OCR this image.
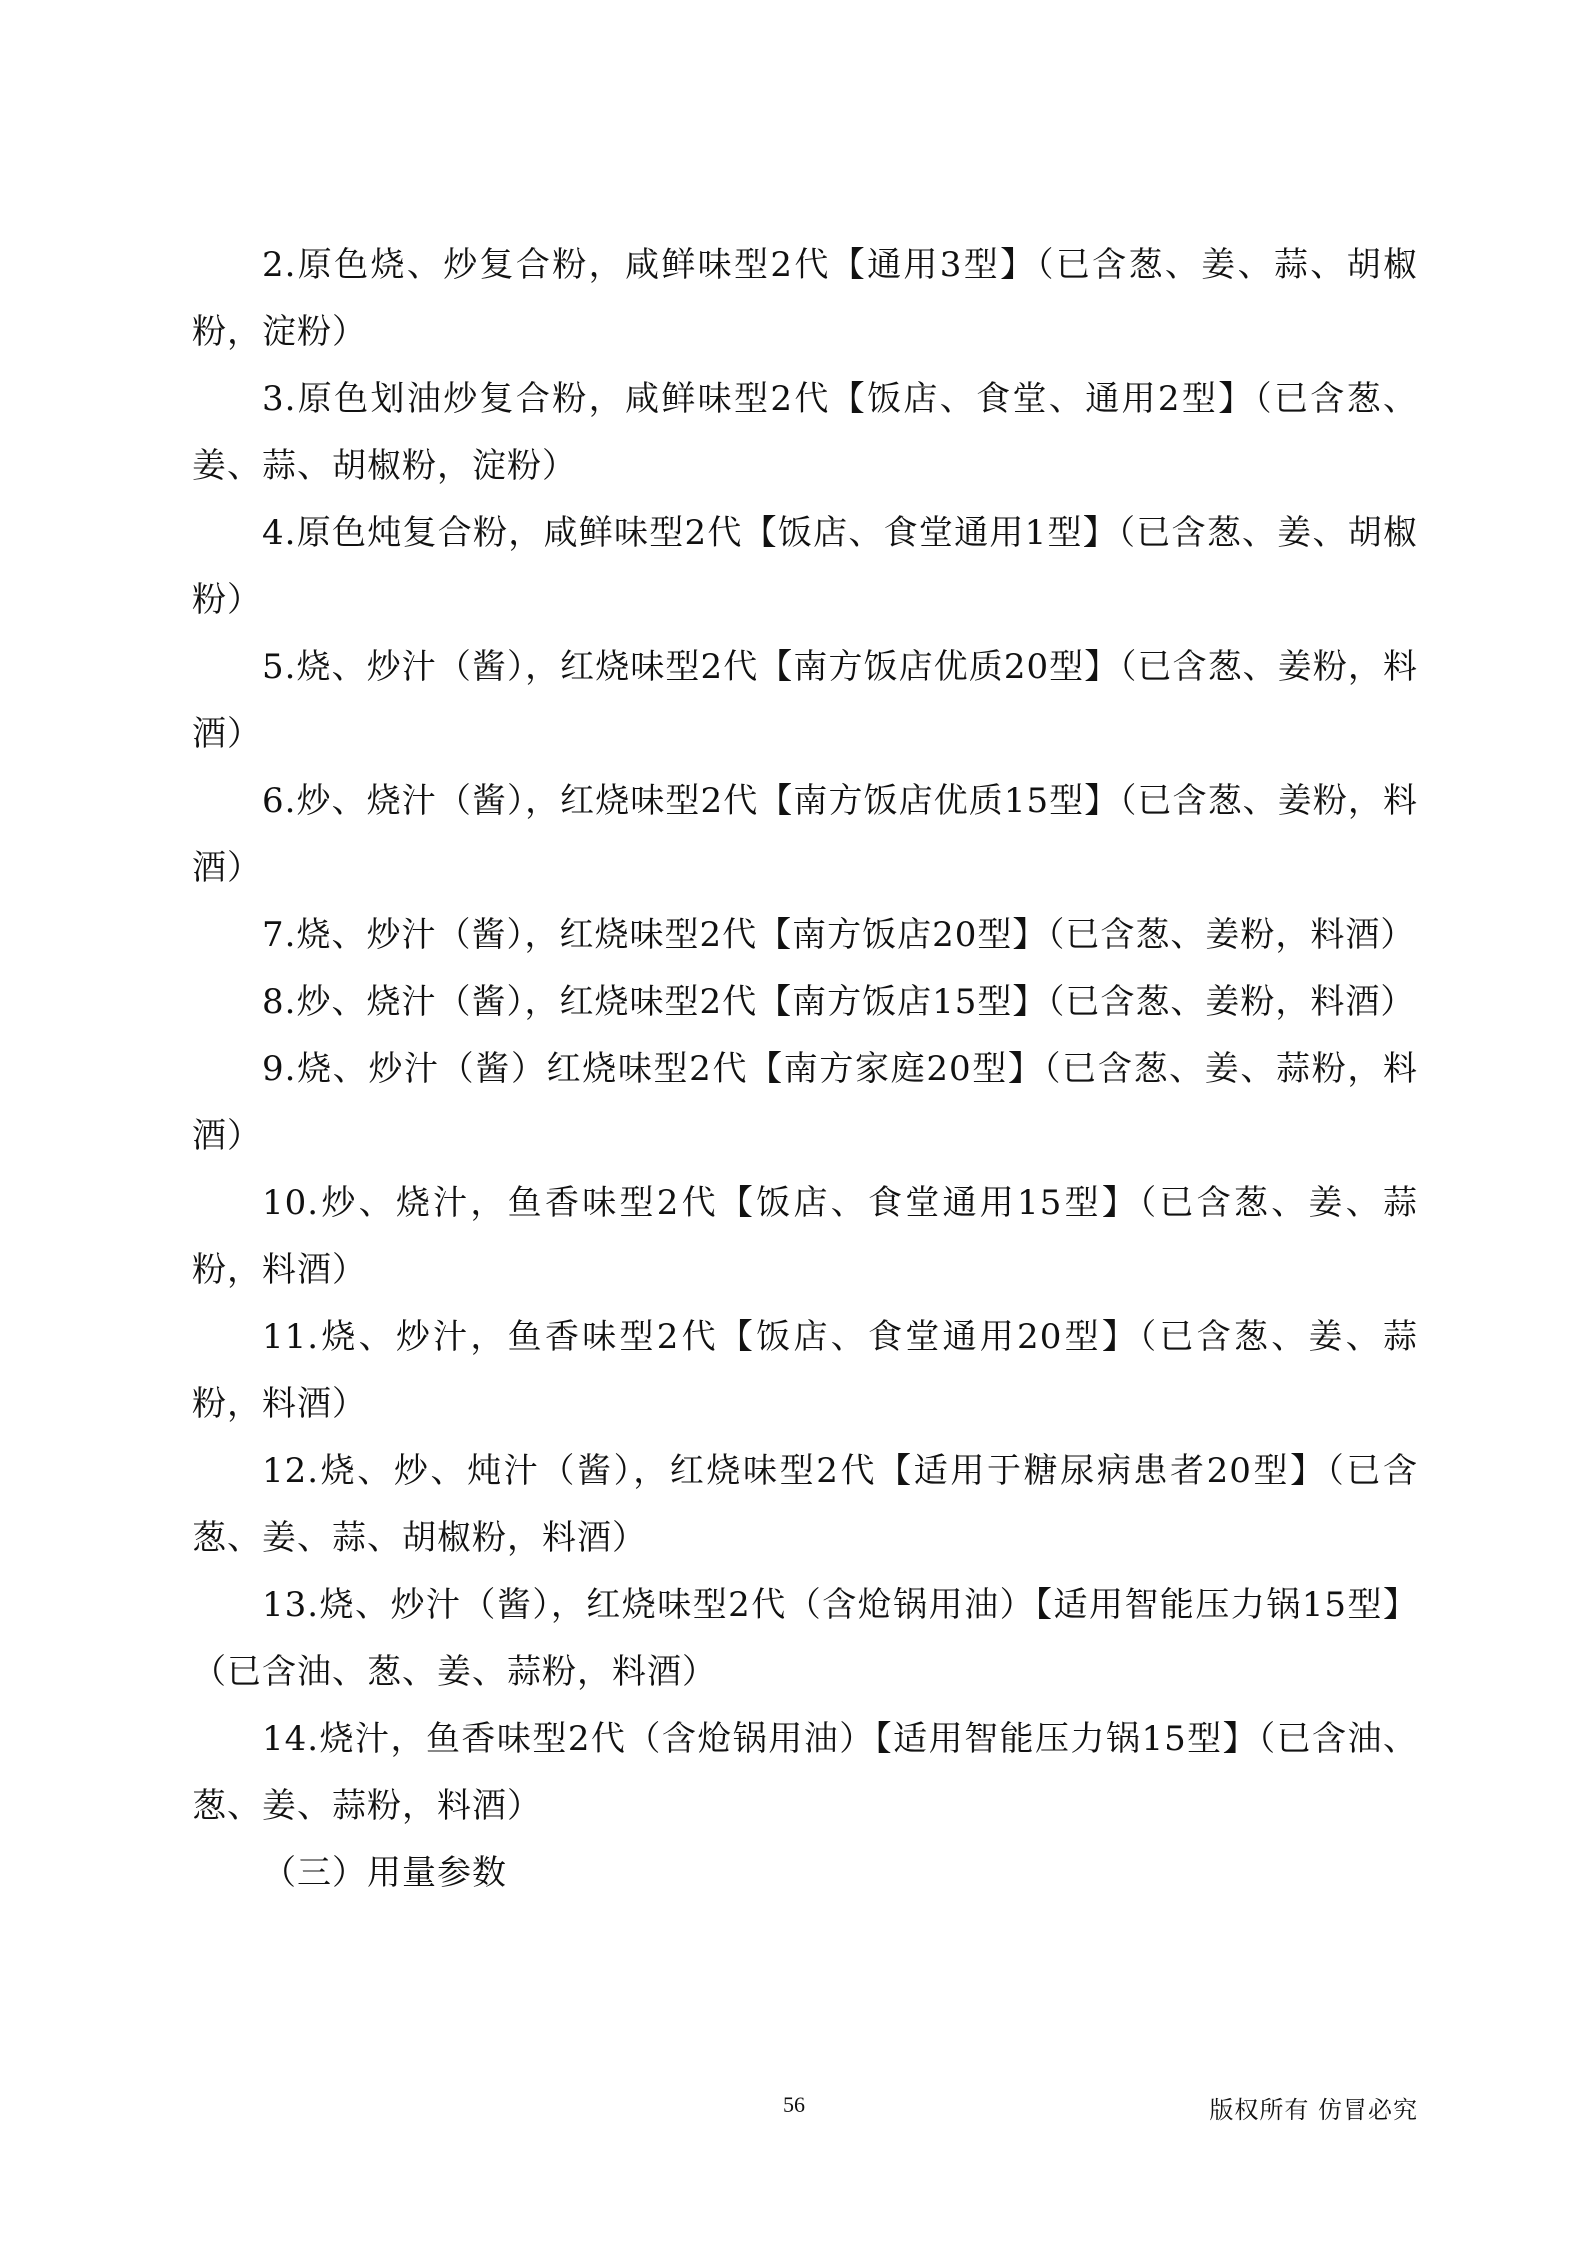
2.原色烧、炒复合粉，咸鲜味型2代【通用3型】（已含葱、姜、蒜、胡椒粉，淀粉）

3.原色划油炒复合粉，咸鲜味型2代【饭店、食堂、通用2型】（已含葱、姜、蒜、胡椒粉，淀粉）

4.原色炖复合粉，咸鲜味型2代【饭店、食堂通用1型】（已含葱、姜、胡椒粉）

5.烧、炒汁（酱），红烧味型2代【南方饭店优质20型】（已含葱、姜粉，料酒）

6.炒、烧汁（酱），红烧味型2代【南方饭店优质15型】（已含葱、姜粉，料酒）

7.烧、炒汁（酱），红烧味型2代【南方饭店20型】（已含葱、姜粉，料酒）

8.炒、烧汁（酱），红烧味型2代【南方饭店15型】（已含葱、姜粉，料酒）

9.烧、炒汁（酱）红烧味型2代【南方家庭20型】（已含葱、姜、蒜粉，料酒）

10.炒、烧汁，鱼香味型2代【饭店、食堂通用15型】（已含葱、姜、蒜粉，料酒）

11.烧、炒汁，鱼香味型2代【饭店、食堂通用20型】（已含葱、姜、蒜粉，料酒）

12.烧、炒、炖汁（酱），红烧味型2代【适用于糖尿病患者20型】（已含葱、姜、蒜、胡椒粉，料酒）

13.烧、炒汁（酱），红烧味型2代（含炝锅用油）【适用智能压力锅15型】（已含油、葱、姜、蒜粉，料酒）

14.烧汁，鱼香味型2代（含炝锅用油）【适用智能压力锅15型】（已含油、葱、姜、蒜粉，料酒）

（三）用量参数

56	版权所有 仿冒必究
